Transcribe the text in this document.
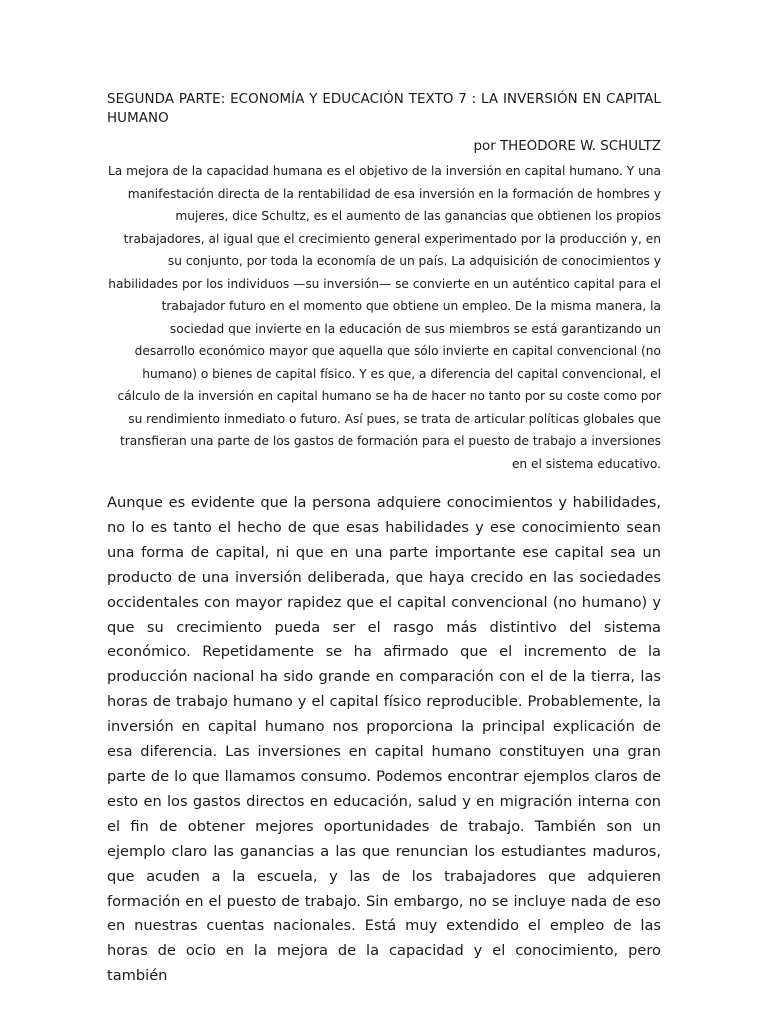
SEGUNDA PARTE: ECONOMÍA Y EDUCACIÓN TEXTO 7 : LA INVERSIÓN EN CAPITAL HUMANO
por THEODORE W. SCHULTZ

La mejora de la capacidad humana es el objetivo de la inversión en capital humano. Y una manifestación directa de la rentabilidad de esa inversión en la formación de hombres y mujeres, dice Schultz, es el aumento de las ganancias que obtienen los propios trabajadores, al igual que el crecimiento general experimentado por la producción y, en su conjunto, por toda la economía de un país. La adquisición de conocimientos y habilidades por los individuos —su inversión— se convierte en un auténtico capital para el trabajador futuro en el momento que obtiene un empleo. De la misma manera, la sociedad que invierte en la educación de sus miembros se está garantizando un desarrollo económico mayor que aquella que sólo invierte en capital convencional (no humano) o bienes de capital físico. Y es que, a diferencia del capital convencional, el cálculo de la inversión en capital humano se ha de hacer no tanto por su coste como por su rendimiento inmediato o futuro. Así pues, se trata de articular políticas globales que transfieran una parte de los gastos de formación para el puesto de trabajo a inversiones en el sistema educativo.

Aunque es evidente que la persona adquiere conocimientos y habilidades, no lo es tanto el hecho de que esas habilidades y ese conocimiento sean una forma de capital, ni que en una parte importante ese capital sea un producto de una inversión deliberada, que haya crecido en las sociedades occidentales con mayor rapidez que el capital convencional (no humano) y que su crecimiento pueda ser el rasgo más distintivo del sistema económico. Repetidamente se ha afirmado que el incremento de la producción nacional ha sido grande en comparación con el de la tierra, las horas de trabajo humano y el capital físico reproducible. Probablemente, la inversión en capital humano nos proporciona la principal explicación de esa diferencia. Las inversiones en capital humano constituyen una gran parte de lo que llamamos consumo. Podemos encontrar ejemplos claros de esto en los gastos directos en educación, salud y en migración interna con el fin de obtener mejores oportunidades de trabajo. También son un ejemplo claro las ganancias a las que renuncian los estudiantes maduros, que acuden a la escuela, y las de los trabajadores que adquieren formación en el puesto de trabajo. Sin embargo, no se incluye nada de eso en nuestras cuentas nacionales. Está muy extendido el empleo de las horas de ocio en la mejora de la capacidad y el conocimiento, pero también
